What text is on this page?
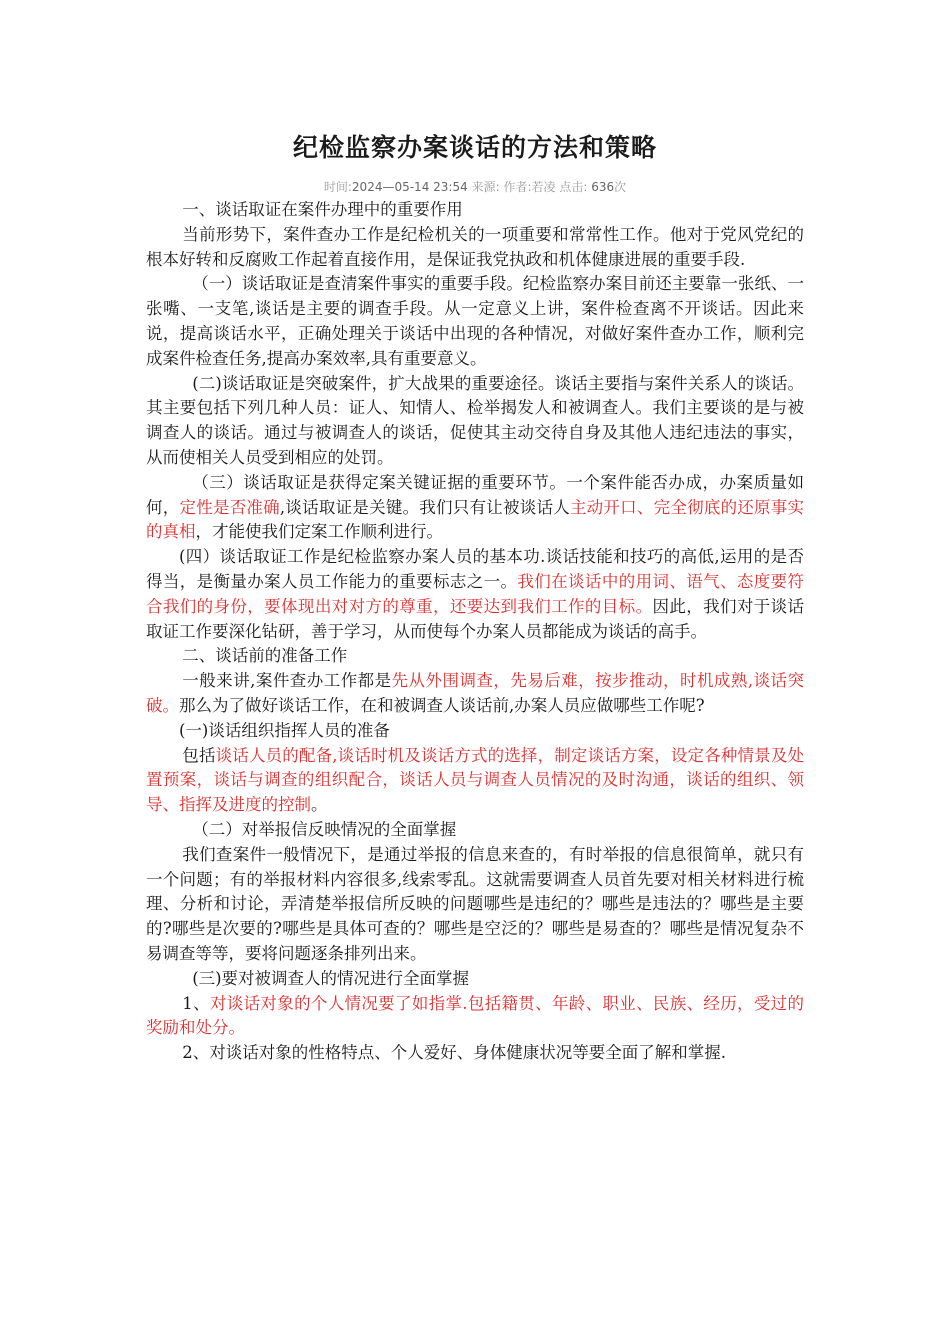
纪检监察办案谈话的方法和策略
时间:2024—05-14 23:54 来源: 作者:若凌 点击: 636次

一、谈话取证在案件办理中的重要作用

当前形势下，案件查办工作是纪检机关的一项重要和常常性工作。他对于党风党纪的根本好转和反腐败工作起着直接作用，是保证我党执政和机体健康进展的重要手段.

（一）谈话取证是查清案件事实的重要手段。纪检监察办案目前还主要靠一张纸、一张嘴、一支笔,谈话是主要的调查手段。从一定意义上讲，案件检查离不开谈话。因此来说，提高谈话水平，正确处理关于谈话中出现的各种情况，对做好案件查办工作，顺利完成案件检查任务,提高办案效率,具有重要意义。

(二)谈话取证是突破案件，扩大战果的重要途径。谈话主要指与案件关系人的谈话。其主要包括下列几种人员：证人、知情人、检举揭发人和被调查人。我们主要谈的是与被调查人的谈话。通过与被调查人的谈话，促使其主动交待自身及其他人违纪违法的事实，从而使相关人员受到相应的处罚。

（三）谈话取证是获得定案关键证据的重要环节。一个案件能否办成，办案质量如何，定性是否准确,谈话取证是关键。我们只有让被谈话人主动开口、完全彻底的还原事实的真相，才能使我们定案工作顺利进行。

(四）谈话取证工作是纪检监察办案人员的基本功.谈话技能和技巧的高低,运用的是否得当，是衡量办案人员工作能力的重要标志之一。我们在谈话中的用词、语气、态度要符合我们的身份，要体现出对对方的尊重，还要达到我们工作的目标。因此，我们对于谈话取证工作要深化钻研，善于学习，从而使每个办案人员都能成为谈话的高手。

二、谈话前的准备工作

一般来讲,案件查办工作都是先从外围调查，先易后难，按步推动，时机成熟,谈话突破。那么为了做好谈话工作，在和被调查人谈话前,办案人员应做哪些工作呢?

(一)谈话组织指挥人员的准备

包括谈话人员的配备,谈话时机及谈话方式的选择，制定谈话方案，设定各种情景及处置预案，谈话与调查的组织配合，谈话人员与调查人员情况的及时沟通，谈话的组织、领导、指挥及进度的控制。

（二）对举报信反映情况的全面掌握

我们查案件一般情况下，是通过举报的信息来查的，有时举报的信息很简单，就只有一个问题；有的举报材料内容很多,线索零乱。这就需要调查人员首先要对相关材料进行梳理、分析和讨论，弄清楚举报信所反映的问题哪些是违纪的？哪些是违法的？哪些是主要的?哪些是次要的?哪些是具体可查的？哪些是空泛的？哪些是易查的？哪些是情况复杂不易调查等等，要将问题逐条排列出来。

(三)要对被调查人的情况进行全面掌握

1、对谈话对象的个人情况要了如指掌.包括籍贯、年龄、职业、民族、经历，受过的奖励和处分。

2、对谈话对象的性格特点、个人爱好、身体健康状况等要全面了解和掌握.
